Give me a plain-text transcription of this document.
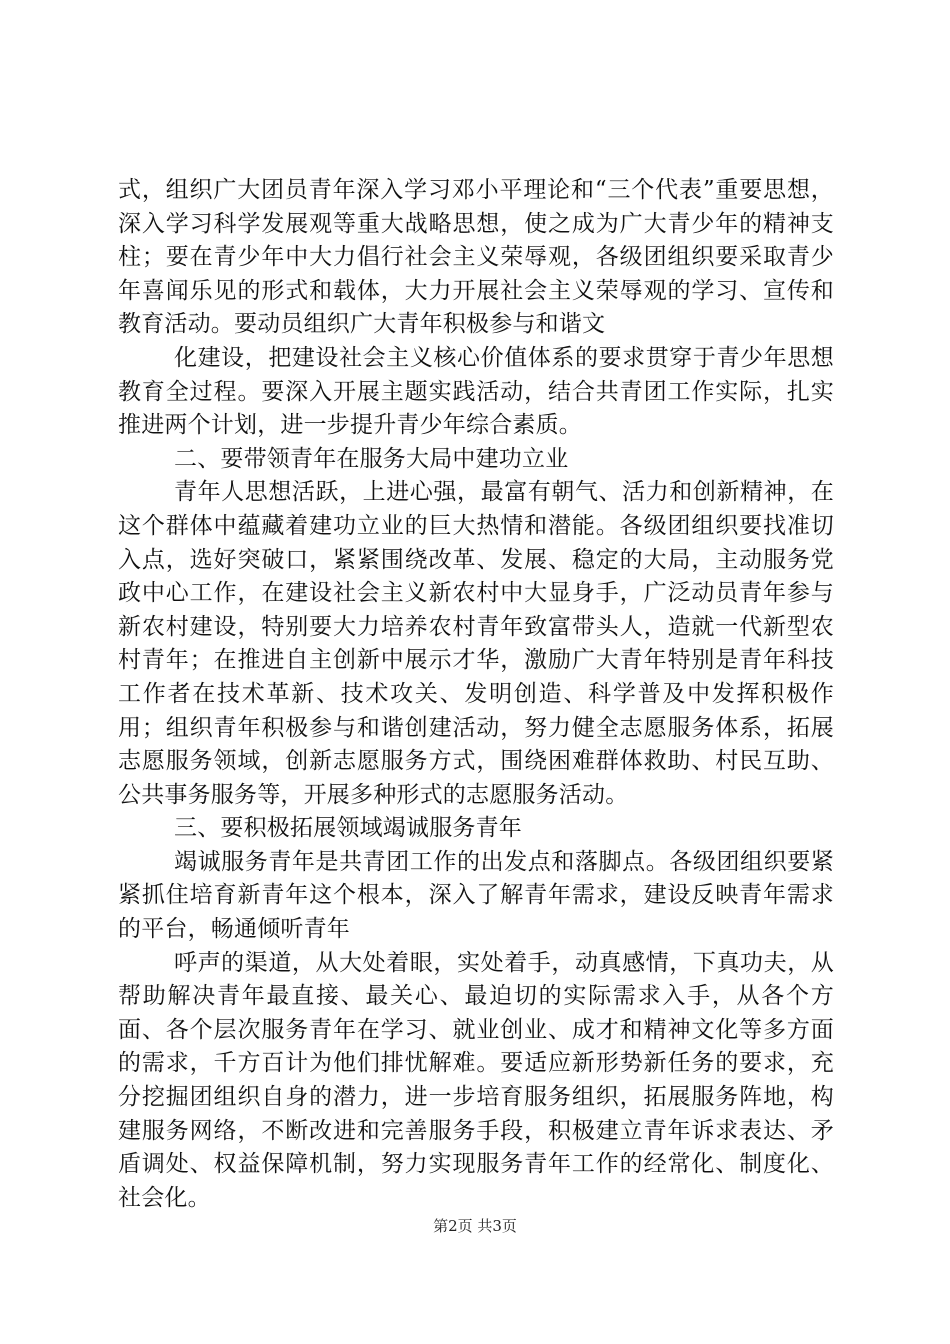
式，组织广大团员青年深入学习邓小平理论和“三个代表”重要思想，深入学习科学发展观等重大战略思想，使之成为广大青少年的精神支柱；要在青少年中大力倡行社会主义荣辱观，各级团组织要采取青少年喜闻乐见的形式和载体，大力开展社会主义荣辱观的学习、宣传和教育活动。要动员组织广大青年积极参与和谐文

化建设，把建设社会主义核心价值体系的要求贯穿于青少年思想教育全过程。要深入开展主题实践活动，结合共青团工作实际，扎实推进两个计划，进一步提升青少年综合素质。

二、要带领青年在服务大局中建功立业

青年人思想活跃，上进心强，最富有朝气、活力和创新精神，在这个群体中蕴藏着建功立业的巨大热情和潜能。各级团组织要找准切入点，选好突破口，紧紧围绕改革、发展、稳定的大局，主动服务党政中心工作，在建设社会主义新农村中大显身手，广泛动员青年参与新农村建设，特别要大力培养农村青年致富带头人，造就一代新型农村青年；在推进自主创新中展示才华，激励广大青年特别是青年科技工作者在技术革新、技术攻关、发明创造、科学普及中发挥积极作用；组织青年积极参与和谐创建活动，努力健全志愿服务体系，拓展志愿服务领域，创新志愿服务方式，围绕困难群体救助、村民互助、公共事务服务等，开展多种形式的志愿服务活动。

三、要积极拓展领域竭诚服务青年

竭诚服务青年是共青团工作的出发点和落脚点。各级团组织要紧紧抓住培育新青年这个根本，深入了解青年需求，建设反映青年需求的平台，畅通倾听青年

呼声的渠道，从大处着眼，实处着手，动真感情，下真功夫，从帮助解决青年最直接、最关心、最迫切的实际需求入手，从各个方面、各个层次服务青年在学习、就业创业、成才和精神文化等多方面的需求，千方百计为他们排忧解难。要适应新形势新任务的要求，充分挖掘团组织自身的潜力，进一步培育服务组织，拓展服务阵地，构建服务网络，不断改进和完善服务手段，积极建立青年诉求表达、矛盾调处、权益保障机制，努力实现服务青年工作的经常化、制度化、社会化。

第2页 共3页
